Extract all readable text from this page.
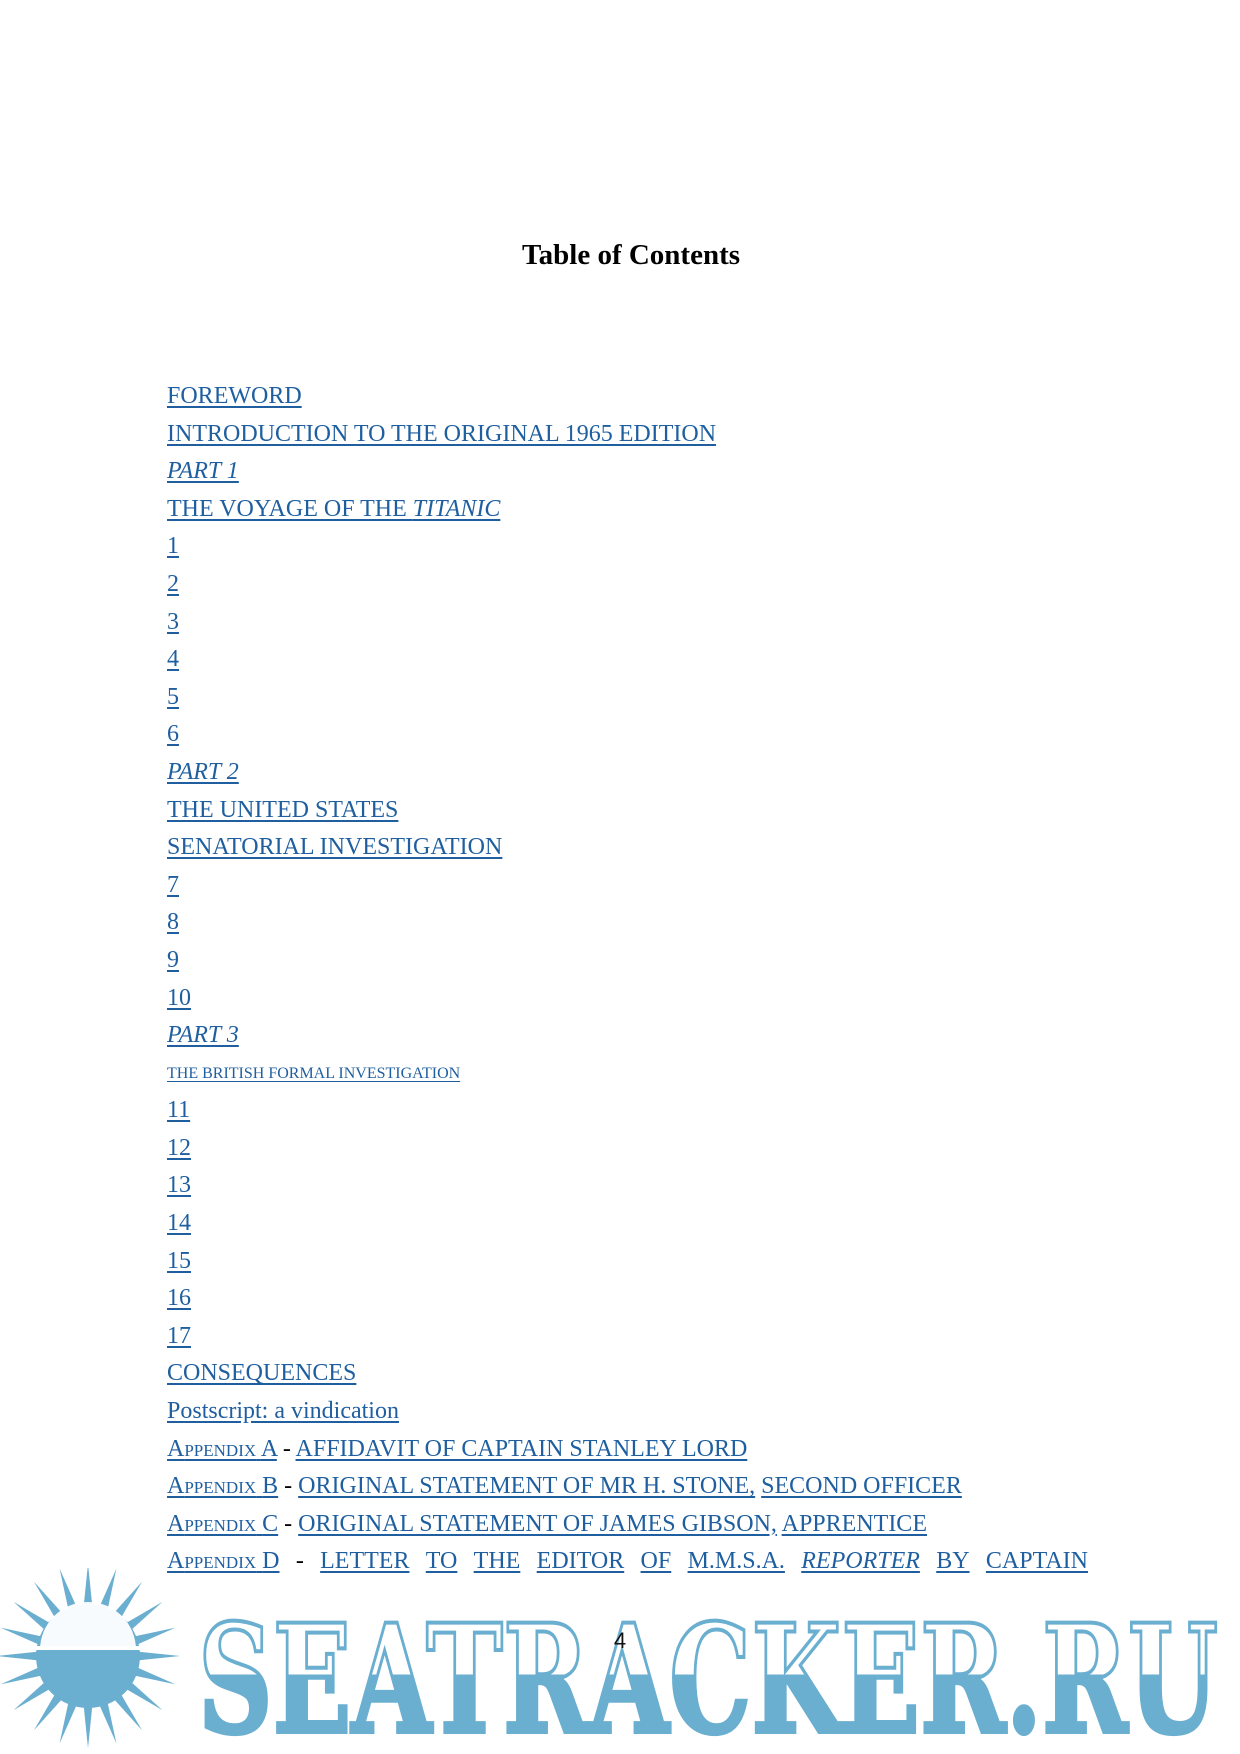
Table of Contents
FOREWORD
INTRODUCTION TO THE ORIGINAL 1965 EDITION
PART 1
THE VOYAGE OF THE TITANIC
1
2
3
4
5
6
PART 2
THE UNITED STATES
SENATORIAL INVESTIGATION
7
8
9
10
PART 3
THE BRITISH FORMAL INVESTIGATION
11
12
13
14
15
16
17
CONSEQUENCES
Postscript: a vindication
APPENDIX A - AFFIDAVIT OF CAPTAIN STANLEY LORD
APPENDIX B - ORIGINAL STATEMENT OF MR H. STONE, SECOND OFFICER
APPENDIX C - ORIGINAL STATEMENT OF JAMES GIBSON, APPRENTICE
APPENDIX D - LETTER TO THE EDITOR OF M.M.S.A. REPORTER BY CAPTAIN
SEATRACKER.RU
4
